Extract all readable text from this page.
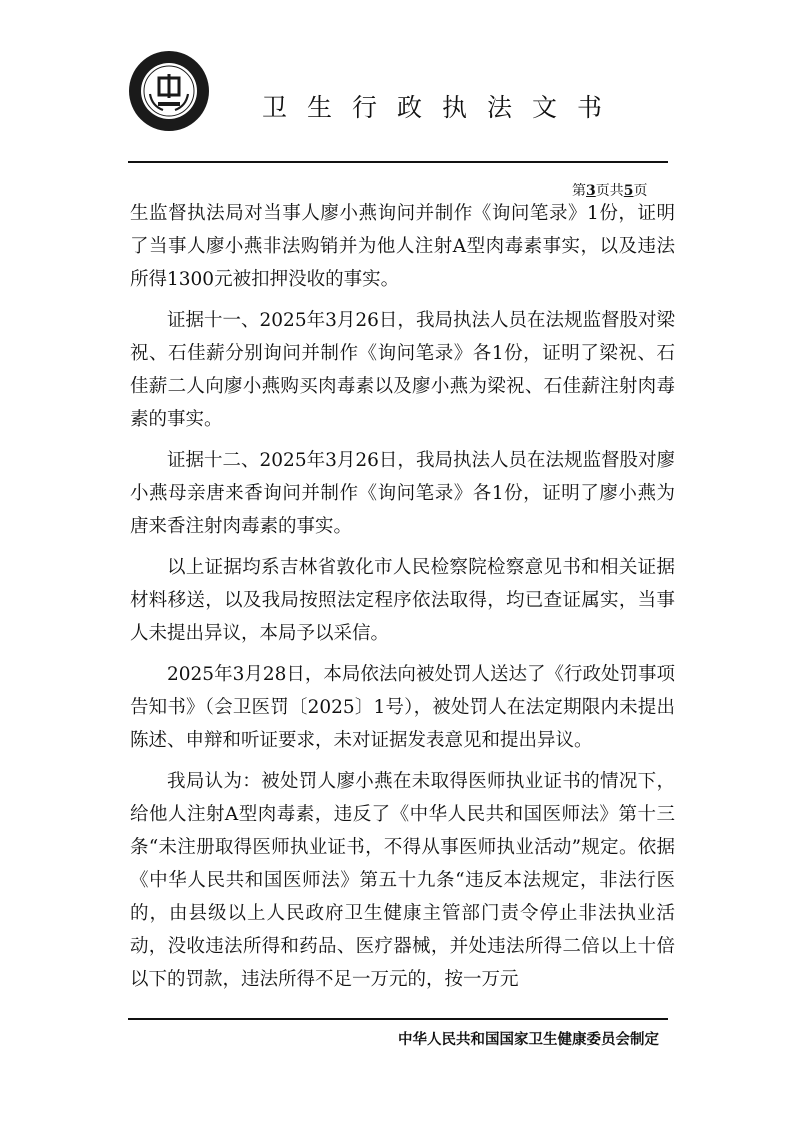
卫生行政执法文书
第3页共5页

生监督执法局对当事人廖小燕询问并制作《询问笔录》1份，证明了当事人廖小燕非法购销并为他人注射A型肉毒素事实，以及违法所得1300元被扣押没收的事实。

证据十一、2025年3月26日，我局执法人员在法规监督股对梁祝、石佳薪分别询问并制作《询问笔录》各1份，证明了梁祝、石佳薪二人向廖小燕购买肉毒素以及廖小燕为梁祝、石佳薪注射肉毒素的事实。

证据十二、2025年3月26日，我局执法人员在法规监督股对廖小燕母亲唐来香询问并制作《询问笔录》各1份，证明了廖小燕为唐来香注射肉毒素的事实。

以上证据均系吉林省敦化市人民检察院检察意见书和相关证据材料移送，以及我局按照法定程序依法取得，均已查证属实，当事人未提出异议，本局予以采信。

2025年3月28日，本局依法向被处罚人送达了《行政处罚事项告知书》（会卫医罚〔2025〕1号），被处罚人在法定期限内未提出陈述、申辩和听证要求，未对证据发表意见和提出异议。

我局认为：被处罚人廖小燕在未取得医师执业证书的情况下，给他人注射A型肉毒素，违反了《中华人民共和国医师法》第十三条“未注册取得医师执业证书，不得从事医师执业活动”规定。依据《中华人民共和国医师法》第五十九条“违反本法规定，非法行医的，由县级以上人民政府卫生健康主管部门责令停止非法执业活动，没收违法所得和药品、医疗器械，并处违法所得二倍以上十倍以下的罚款，违法所得不足一万元的，按一万元

中华人民共和国国家卫生健康委员会制定
